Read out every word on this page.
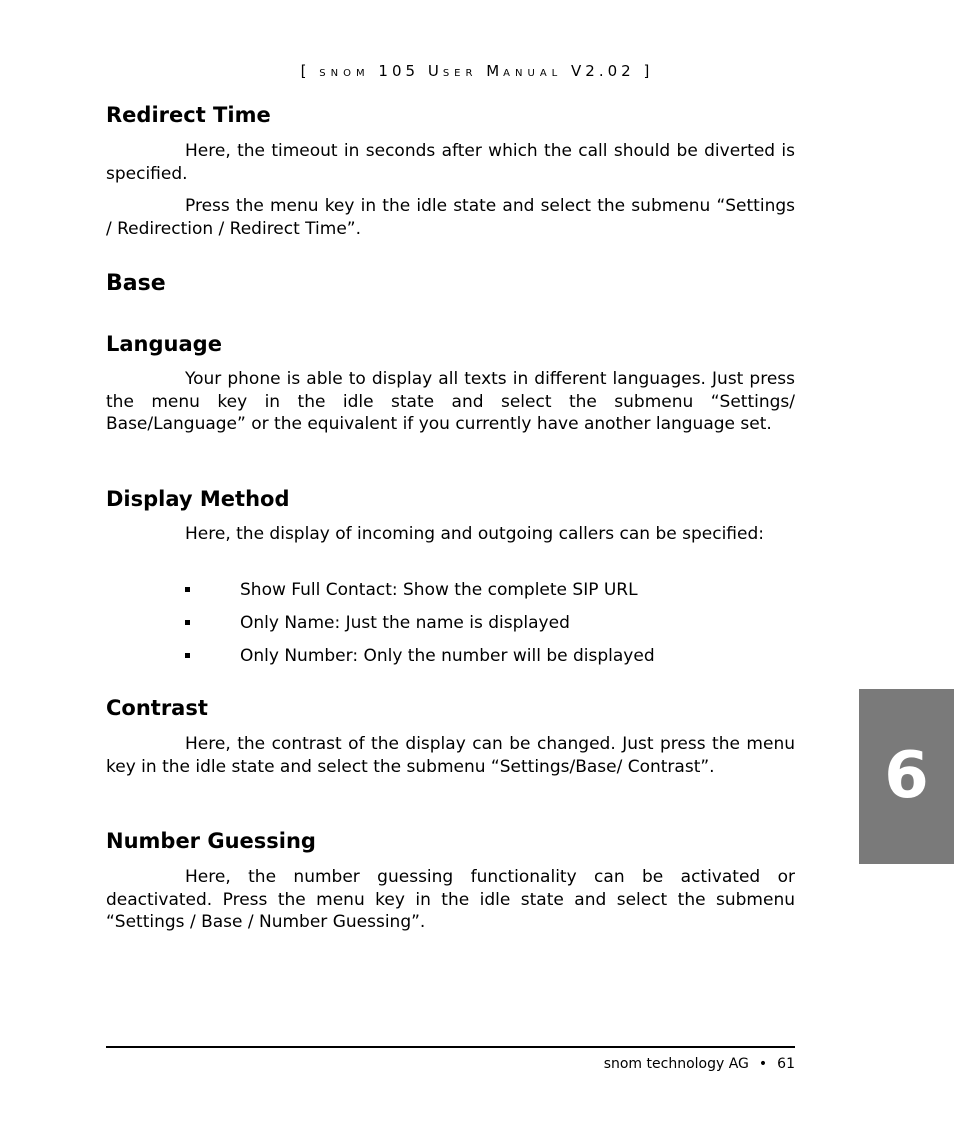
[ SNOM 105 USER MANUAL V2.02 ]
Redirect Time

Here, the timeout in seconds after which the call should be diverted is specified.

Press the menu key in the idle state and select the submenu “Settings / Redirection / Redirect Time”.

Base
Language

Your phone is able to display all texts in different languages. Just press the menu key in the idle state and select the submenu “Settings/ Base/Language” or the equivalent if you currently have another language set.

Display Method

Here, the display of incoming and outgoing callers can be specified:

Show Full Contact: Show the complete SIP URL
Only Name: Just the name is displayed
Only Number: Only the number will be displayed
Contrast

Here, the contrast of the display can be changed. Just press the menu key in the idle state and select the submenu “Settings/Base/ Contrast”.

Number Guessing

Here, the number guessing functionality can be activated or deactivated. Press the menu key in the idle state and select the submenu “Settings / Base / Number Guessing”.

snom technology AG • 61
6
